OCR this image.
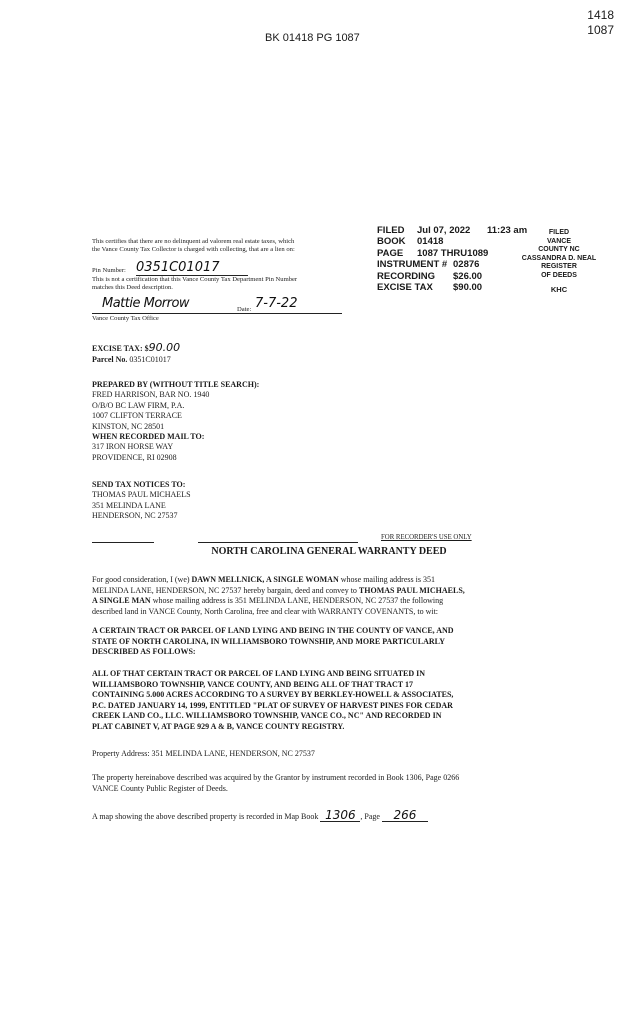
1418
1087
BK 01418 PG 1087
FILED	Jul 07, 2022	11:23 am
BOOK	01418
PAGE	1087 THRU1089
INSTRUMENT # 02876
RECORDING	$26.00
EXCISE TAX	$90.00
FILED
VANCE
COUNTY NC
CASSANDRA D. NEAL
REGISTER
OF DEEDS
KHC
This certifies that there are no delinquent ad valorem real estate taxes, which
the Vance County Tax Collector is charged with collecting, that are a lien on:
Pin Number: 0351C01017
This is not a certification that this Vance County Tax Department Pin Number
matches this Deed description.
Mattie Morrow	Date: 7-7-22
Vance County Tax Office
EXCISE TAX: $90.00
Parcel No. 0351C01017
PREPARED BY (WITHOUT TITLE SEARCH):
FRED HARRISON, BAR NO. 1940
O/B/O BC LAW FIRM, P.A.
1007 CLIFTON TERRACE
KINSTON, NC 28501
WHEN RECORDED MAIL TO:
317 IRON HORSE WAY
PROVIDENCE, RI 02908
SEND TAX NOTICES TO:
THOMAS PAUL MICHAELS
351 MELINDA LANE
HENDERSON, NC 27537
FOR RECORDER'S USE ONLY
NORTH CAROLINA GENERAL WARRANTY DEED
For good consideration, I (we) DAWN MELLNICK, A SINGLE WOMAN whose mailing address is 351
MELINDA LANE, HENDERSON, NC 27537 hereby bargain, deed and convey to THOMAS PAUL MICHAELS,
A SINGLE MAN whose mailing address is 351 MELINDA LANE, HENDERSON, NC 27537 the following
described land in VANCE County, North Carolina, free and clear with WARRANTY COVENANTS, to wit:
A CERTAIN TRACT OR PARCEL OF LAND LYING AND BEING IN THE COUNTY OF VANCE, AND
STATE OF NORTH CAROLINA, IN WILLIAMSBORO TOWNSHIP, AND MORE PARTICULARLY
DESCRIBED AS FOLLOWS:
ALL OF THAT CERTAIN TRACT OR PARCEL OF LAND LYING AND BEING SITUATED IN
WILLIAMSBORO TOWNSHIP, VANCE COUNTY, AND BEING ALL OF THAT TRACT 17
CONTAINING 5.000 ACRES ACCORDING TO A SURVEY BY BERKLEY-HOWELL & ASSOCIATES,
P.C. DATED JANUARY 14, 1999, ENTITLED "PLAT OF SURVEY OF HARVEST PINES FOR CEDAR
CREEK LAND CO., LLC. WILLIAMSBORO TOWNSHIP, VANCE CO., NC" AND RECORDED IN
PLAT CABINET V, AT PAGE 929 A & B, VANCE COUNTY REGISTRY.
Property Address: 351 MELINDA LANE, HENDERSON, NC 27537
The property hereinabove described was acquired by the Grantor by instrument recorded in Book 1306, Page 0266
VANCE County Public Register of Deeds.
A map showing the above described property is recorded in Map Book 1306 , Page 266
